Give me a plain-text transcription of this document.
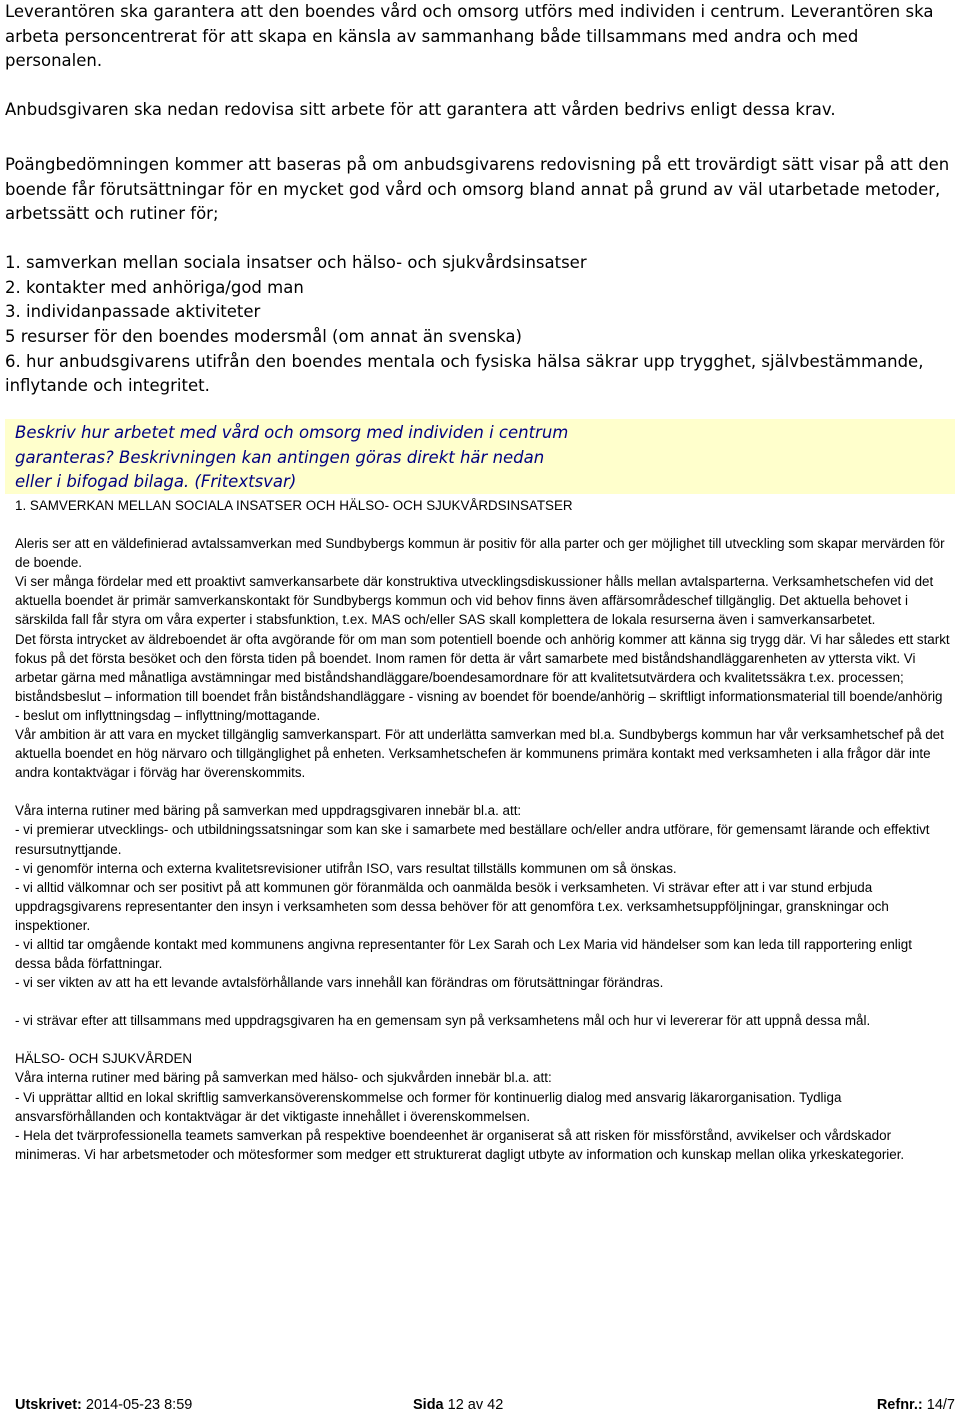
Leverantören ska garantera att den boendes vård och omsorg utförs med individen i centrum. Leverantören ska arbeta personcentrerat för att skapa en känsla av sammanhang både tillsammans med andra och med personalen.

Anbudsgivaren ska nedan redovisa sitt arbete för att garantera att vården bedrivs enligt dessa krav.

Poängbedömningen kommer att baseras på om anbudsgivarens redovisning på ett trovärdigt sätt visar på att den boende får förutsättningar för en mycket god vård och omsorg bland annat på grund av väl utarbetade metoder, arbetssätt och rutiner för;

1. samverkan mellan sociala insatser och hälso- och sjukvårdsinsatser
2. kontakter med anhöriga/god man
3. individanpassade aktiviteter
5 resurser för den boendes modersmål (om annat än svenska)
6. hur anbudsgivarens utifrån den boendes mentala och fysiska hälsa säkrar upp trygghet, självbestämmande, inflytande och integritet.
Beskriv hur arbetet med vård och omsorg med individen i centrum garanteras? Beskrivningen kan antingen göras direkt här nedan eller i bifogad bilaga. (Fritextsvar)

1. SAMVERKAN MELLAN SOCIALA INSATSER OCH HÄLSO- OCH SJUKVÅRDSINSATSER

Aleris ser att en väldefinierad avtalssamverkan med Sundbybergs kommun är positiv för alla parter och ger möjlighet till utveckling som skapar mervärden för de boende.
Vi ser många fördelar med ett proaktivt samverkansarbete där konstruktiva utvecklingsdiskussioner hålls mellan avtalsparterna. Verksamhetschefen vid det aktuella boendet är primär samverkanskontakt för Sundbybergs kommun och vid behov finns även affärsområdeschef tillgänglig. Det aktuella behovet i särskilda fall får styra om våra experter i stabsfunktion, t.ex. MAS och/eller SAS skall komplettera de lokala resurserna även i samverkansarbetet.
Det första intrycket av äldreboendet är ofta avgörande för om man som potentiell boende och anhörig kommer att känna sig trygg där. Vi har således ett starkt fokus på det första besöket och den första tiden på boendet. Inom ramen för detta är vårt samarbete med biståndshandläggarenheten av yttersta vikt. Vi arbetar gärna med månatliga avstämningar med biståndshandläggare/boendesamordnare för att kvalitetsutvärdera och kvalitetssäkra t.ex. processen; biståndsbeslut – information till boendet från biståndshandläggare - visning av boendet för boende/anhörig – skriftligt informationsmaterial till boende/anhörig - beslut om inflyttningsdag – inflyttning/mottagande.
Vår ambition är att vara en mycket tillgänglig samverkanspart. För att underlätta samverkan med bl.a. Sundbybergs kommun har vår verksamhetschef på det aktuella boendet en hög närvaro och tillgänglighet på enheten. Verksamhetschefen är kommunens primära kontakt med verksamheten i alla frågor där inte andra kontaktvägar i förväg har överenskommits.

Våra interna rutiner med bäring på samverkan med uppdragsgivaren innebär bl.a. att:
- vi premierar utvecklings- och utbildningssatsningar som kan ske i samarbete med beställare och/eller andra utförare, för gemensamt lärande och effektivt resursutnyttjande.
- vi genomför interna och externa kvalitetsrevisioner utifrån ISO, vars resultat tillställs kommunen om så önskas.
- vi alltid välkomnar och ser positivt på att kommunen gör föranmälda och oanmälda besök i verksamheten. Vi strävar efter att i var stund erbjuda uppdragsgivarens representanter den insyn i verksamheten som dessa behöver för att genomföra t.ex. verksamhetsuppföljningar, granskningar och inspektioner.
- vi alltid tar omgående kontakt med kommunens angivna representanter för Lex Sarah och Lex Maria vid händelser som kan leda till rapportering enligt dessa båda författningar.
- vi ser vikten av att ha ett levande avtalsförhållande vars innehåll kan förändras om förutsättningar förändras.

- vi strävar efter att tillsammans med uppdragsgivaren ha en gemensam syn på verksamhetens mål och hur vi levererar för att uppnå dessa mål.

HÄLSO- OCH SJUKVÅRDEN
Våra interna rutiner med bäring på samverkan med hälso- och sjukvården innebär bl.a. att:
- Vi upprättar alltid en lokal skriftlig samverkansöverenskommelse och former för kontinuerlig dialog med ansvarig läkarorganisation. Tydliga ansvarsförhållanden och kontaktvägar är det viktigaste innehållet i överenskommelsen.
- Hela det tvärprofessionella teamets samverkan på respektive boendeenhet är organiserat så att risken för missförstånd, avvikelser och vårdskador minimeras. Vi har arbetsmetoder och mötesformer som medger ett strukturerat dagligt utbyte av information och kunskap mellan olika yrkeskategorier.

Utskrivet: 2014-05-23 8:59	Sida 12 av 42	Refnr.: 14/7
